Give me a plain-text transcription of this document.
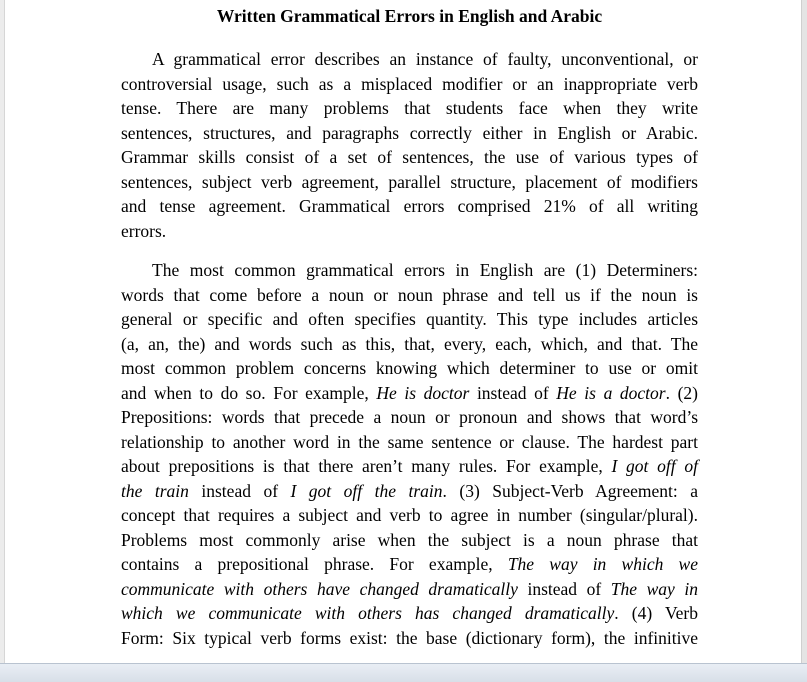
Written Grammatical Errors in English and Arabic
A grammatical error describes an instance of faulty, unconventional, or
controversial usage, such as a misplaced modifier or an inappropriate verb
tense. There are many problems that students face when they write
sentences, structures, and paragraphs correctly either in English or Arabic.
Grammar skills consist of a set of sentences, the use of various types of
sentences, subject verb agreement, parallel structure, placement of modifiers
and tense agreement. Grammatical errors comprised 21% of all writing
errors.
The most common grammatical errors in English are (1) Determiners:
words that come before a noun or noun phrase and tell us if the noun is
general or specific and often specifies quantity. This type includes articles
(a, an, the) and words such as this, that, every, each, which, and that. The
most common problem concerns knowing which determiner to use or omit
and when to do so. For example, He is doctor instead of He is a doctor. (2)
Prepositions: words that precede a noun or pronoun and shows that word’s
relationship to another word in the same sentence or clause. The hardest part
about prepositions is that there aren’t many rules. For example, I got off of
the train instead of I got off the train. (3) Subject-Verb Agreement: a
concept that requires a subject and verb to agree in number (singular/plural).
Problems most commonly arise when the subject is a noun phrase that
contains a prepositional phrase. For example, The way in which we
communicate with others have changed dramatically instead of The way in
which we communicate with others has changed dramatically. (4) Verb
Form: Six typical verb forms exist: the base (dictionary form), the infinitive
